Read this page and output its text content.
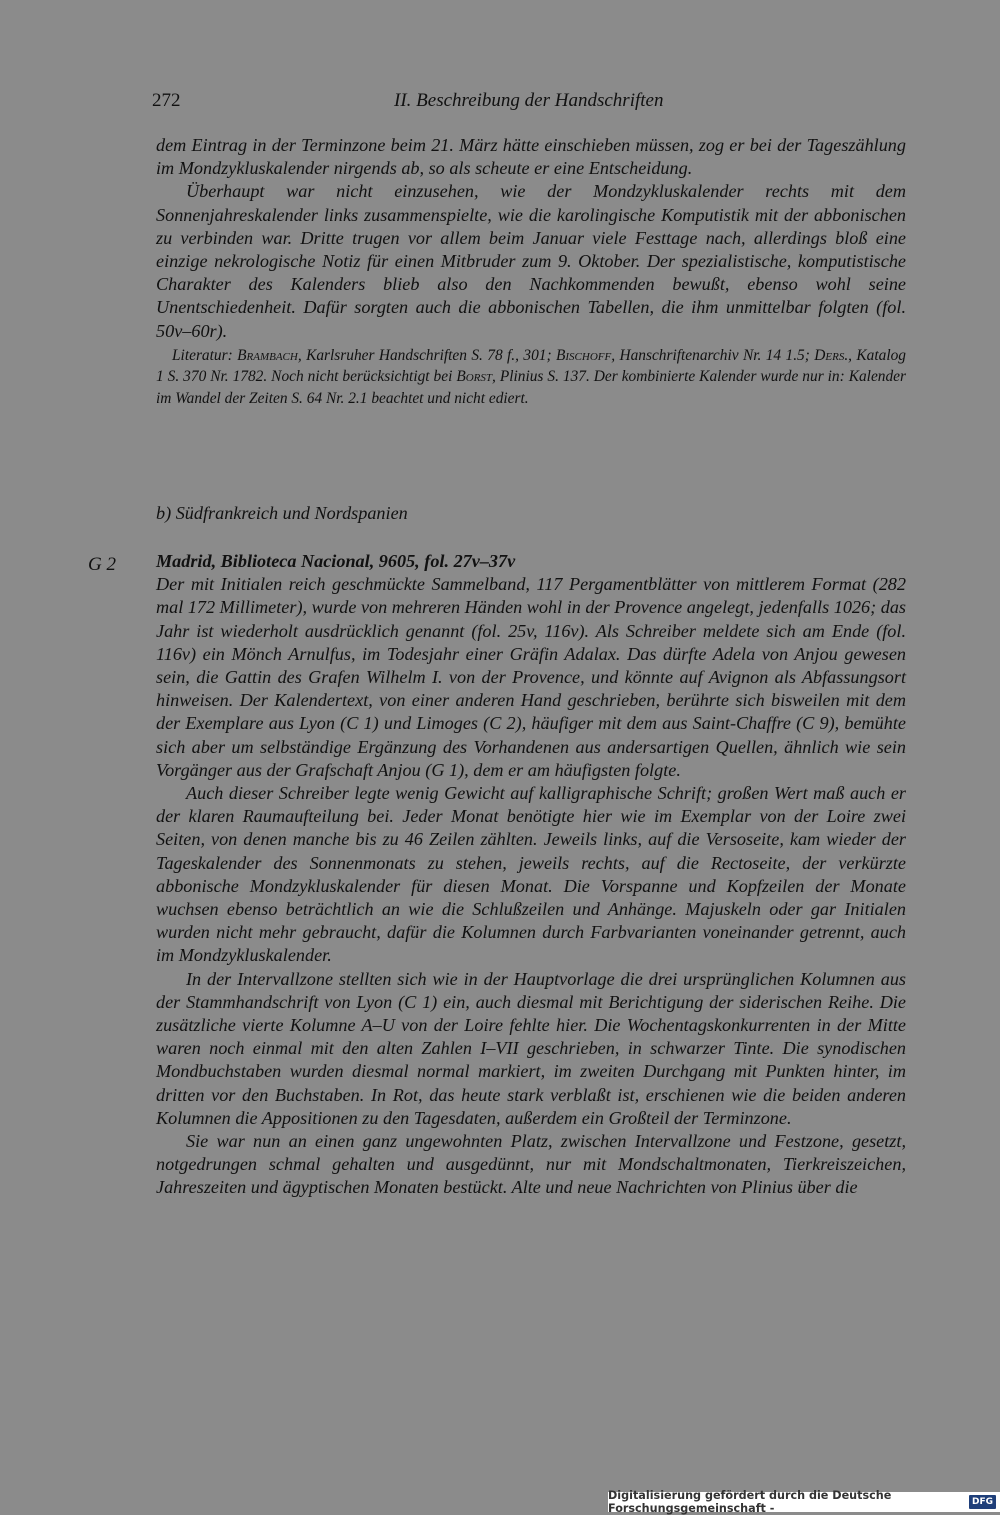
272	II. Beschreibung der Handschriften

dem Eintrag in der Terminzone beim 21. März hätte einschieben müssen, zog er bei der Tageszählung im Mondzykluskalender nirgends ab, so als scheute er eine Entscheidung.

Überhaupt war nicht einzusehen, wie der Mondzykluskalender rechts mit dem Sonnenjahreskalender links zusammenspielte, wie die karolingische Komputistik mit der abbonischen zu verbinden war. Dritte trugen vor allem beim Januar viele Festtage nach, allerdings bloß eine einzige nekrologische Notiz für einen Mitbruder zum 9. Oktober. Der spezialistische, komputistische Charakter des Kalenders blieb also den Nachkommenden bewußt, ebenso wohl seine Unentschiedenheit. Dafür sorgten auch die abbonischen Tabellen, die ihm unmittelbar folgten (fol. 50v–60r).

Literatur: Brambach, Karlsruher Handschriften S. 78 f., 301; Bischoff, Hanschriftenarchiv Nr. 14 1.5; Ders., Katalog 1 S. 370 Nr. 1782. Noch nicht berücksichtigt bei Borst, Plinius S. 137. Der kombinierte Kalender wurde nur in: Kalender im Wandel der Zeiten S. 64 Nr. 2.1 beachtet und nicht ediert.

b) Südfrankreich und Nordspanien
G 2 Madrid, Biblioteca Nacional, 9605, fol. 27v–37v

Der mit Initialen reich geschmückte Sammelband, 117 Pergamentblätter von mittlerem Format (282 mal 172 Millimeter), wurde von mehreren Händen wohl in der Provence angelegt, jedenfalls 1026; das Jahr ist wiederholt ausdrücklich genannt (fol. 25v, 116v). Als Schreiber meldete sich am Ende (fol. 116v) ein Mönch Arnulfus, im Todesjahr einer Gräfin Adalax. Das dürfte Adela von Anjou gewesen sein, die Gattin des Grafen Wilhelm I. von der Provence, und könnte auf Avignon als Abfassungsort hinweisen. Der Kalendertext, von einer anderen Hand geschrieben, berührte sich bisweilen mit dem der Exemplare aus Lyon (C 1) und Limoges (C 2), häufiger mit dem aus Saint-Chaffre (C 9), bemühte sich aber um selbständige Ergänzung des Vorhandenen aus andersartigen Quellen, ähnlich wie sein Vorgänger aus der Grafschaft Anjou (G 1), dem er am häufigsten folgte.

Auch dieser Schreiber legte wenig Gewicht auf kalligraphische Schrift; großen Wert maß auch er der klaren Raumaufteilung bei. Jeder Monat benötigte hier wie im Exemplar von der Loire zwei Seiten, von denen manche bis zu 46 Zeilen zählten. Jeweils links, auf die Versoseite, kam wieder der Tageskalender des Sonnenmonats zu stehen, jeweils rechts, auf die Rectoseite, der verkürzte abbonische Mondzykluskalender für diesen Monat. Die Vorspanne und Kopfzeilen der Monate wuchsen ebenso beträchtlich an wie die Schlußzeilen und Anhänge. Majuskeln oder gar Initialen wurden nicht mehr gebraucht, dafür die Kolumnen durch Farbvarianten voneinander getrennt, auch im Mondzykluskalender.

In der Intervallzone stellten sich wie in der Hauptvorlage die drei ursprünglichen Kolumnen aus der Stammhandschrift von Lyon (C 1) ein, auch diesmal mit Berichtigung der siderischen Reihe. Die zusätzliche vierte Kolumne A–U von der Loire fehlte hier. Die Wochentagskonkurrenten in der Mitte waren noch einmal mit den alten Zahlen I–VII geschrieben, in schwarzer Tinte. Die synodischen Mondbuchstaben wurden diesmal normal markiert, im zweiten Durchgang mit Punkten hinter, im dritten vor den Buchstaben. In Rot, das heute stark verblaßt ist, erschienen wie die beiden anderen Kolumnen die Appositionen zu den Tagesdaten, außerdem ein Großteil der Terminzone.

Sie war nun an einen ganz ungewohnten Platz, zwischen Intervallzone und Festzone, gesetzt, notgedrungen schmal gehalten und ausgedünnt, nur mit Mondschaltmonaten, Tierkreiszeichen, Jahreszeiten und ägyptischen Monaten bestückt. Alte und neue Nachrichten von Plinius über die

Digitalisierung gefördert durch die Deutsche Forschungsgemeinschaft -	DFG
